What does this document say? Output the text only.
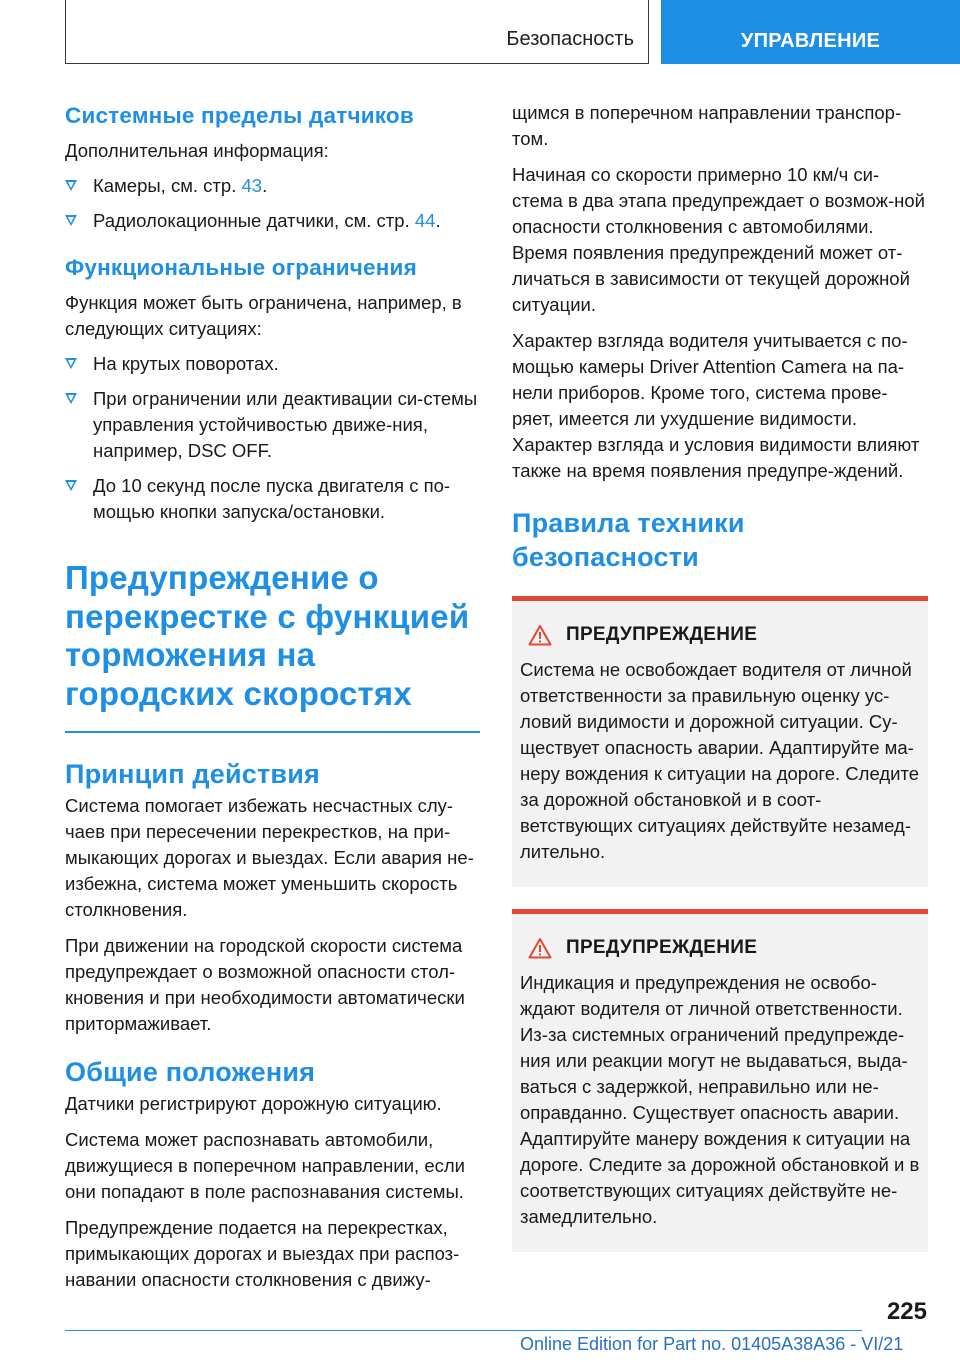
Безопасность	УПРАВЛЕНИЕ
Системные пределы датчиков
Дополнительная информация:
Камеры, см. стр. 43.
Радиолокационные датчики, см. стр. 44.
Функциональные ограничения
Функция может быть ограничена, например, в следующих ситуациях:
На крутых поворотах.
При ограничении или деактивации си-стемы управления устойчивостью движе-ния, например, DSC OFF.
До 10 секунд после пуска двигателя с по-мощью кнопки запуска/остановки.
Предупреждение о перекрестке с функцией торможения на городских скоростях
Принцип действия
Система помогает избежать несчастных слу-чаев при пересечении перекрестков, на при-мыкающих дорогах и выездах. Если авария не-избежна, система может уменьшить скорость столкновения.
При движении на городской скорости система предупреждает о возможной опасности стол-кновения и при необходимости автоматически притормаживает.
Общие положения
Датчики регистрируют дорожную ситуацию.
Система может распознавать автомобили, движущиеся в поперечном направлении, если они попадают в поле распознавания системы.
Предупреждение подается на перекрестках, примыкающих дорогах и выездах при распоз-навании опасности столкновения с движу-
щимся в поперечном направлении транспор-том.
Начиная со скорости примерно 10 км/ч си-стема в два этапа предупреждает о возмож-ной опасности столкновения с автомобилями. Время появления предупреждений может от-личаться в зависимости от текущей дорожной ситуации.
Характер взгляда водителя учитывается с по-мощью камеры Driver Attention Camera на па-нели приборов. Кроме того, система прове-ряет, имеется ли ухудшение видимости. Характер взгляда и условия видимости влияют также на время появления предупре-ждений.
Правила техники безопасности
ПРЕДУПРЕЖДЕНИЕ
Система не освобождает водителя от личной ответственности за правильную оценку ус-ловий видимости и дорожной ситуации. Су-ществует опасность аварии. Адаптируйте ма-неру вождения к ситуации на дороге. Следите за дорожной обстановкой и в соот-ветствующих ситуациях действуйте незамед-лительно.
ПРЕДУПРЕЖДЕНИЕ
Индикация и предупреждения не освобо-ждают водителя от личной ответственности. Из-за системных ограничений предупрежде-ния или реакции могут не выдаваться, выда-ваться с задержкой, неправильно или не-оправданно. Существует опасность аварии. Адаптируйте манеру вождения к ситуации на дороге. Следите за дорожной обстановкой и в соответствующих ситуациях действуйте не-замедлительно.
225
Online Edition for Part no. 01405A38A36 - VI/21
